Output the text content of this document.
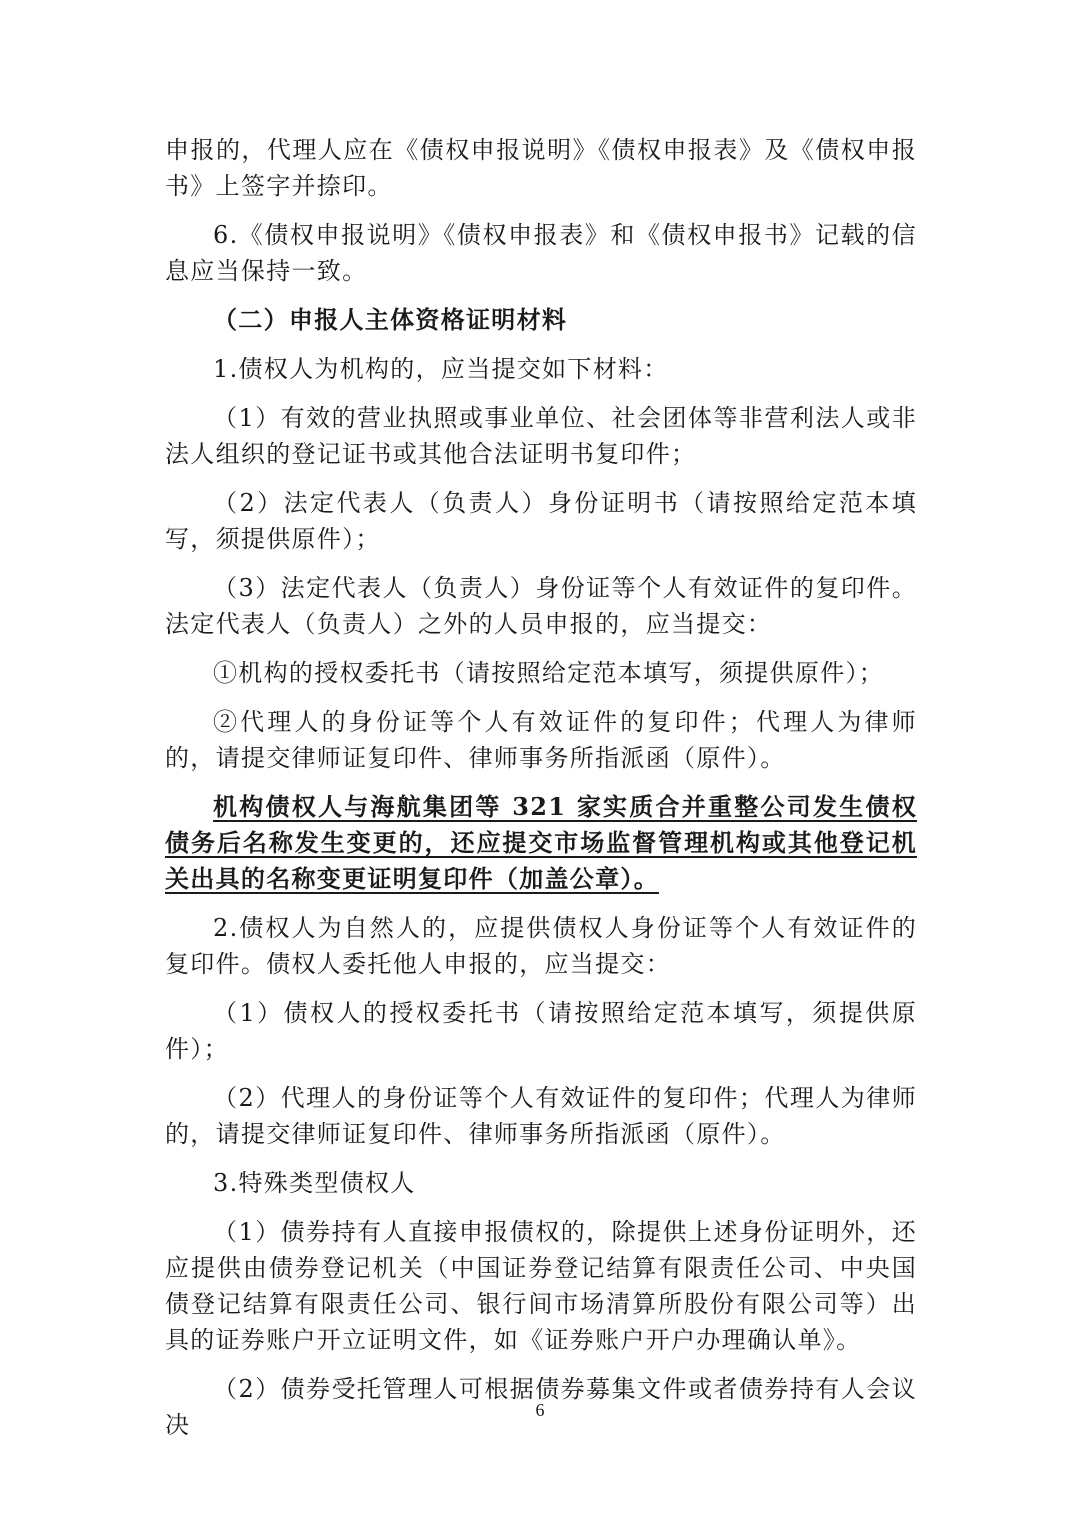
申报的，代理人应在《债权申报说明》《债权申报表》及《债权申报书》上签字并捺印。

6.《债权申报说明》《债权申报表》和《债权申报书》记载的信息应当保持一致。

（二）申报人主体资格证明材料

1.债权人为机构的，应当提交如下材料：

（1）有效的营业执照或事业单位、社会团体等非营利法人或非法人组织的登记证书或其他合法证明书复印件；

（2）法定代表人（负责人）身份证明书（请按照给定范本填写，须提供原件）；

（3）法定代表人（负责人）身份证等个人有效证件的复印件。法定代表人（负责人）之外的人员申报的，应当提交：

①机构的授权委托书（请按照给定范本填写，须提供原件）；

②代理人的身份证等个人有效证件的复印件；代理人为律师的，请提交律师证复印件、律师事务所指派函（原件）。

机构债权人与海航集团等 321 家实质合并重整公司发生债权债务后名称发生变更的，还应提交市场监督管理机构或其他登记机关出具的名称变更证明复印件（加盖公章）。

2.债权人为自然人的，应提供债权人身份证等个人有效证件的复印件。债权人委托他人申报的，应当提交：

（1）债权人的授权委托书（请按照给定范本填写，须提供原件）；

（2）代理人的身份证等个人有效证件的复印件；代理人为律师的，请提交律师证复印件、律师事务所指派函（原件）。

3.特殊类型债权人

（1）债券持有人直接申报债权的，除提供上述身份证明外，还应提供由债券登记机关（中国证券登记结算有限责任公司、中央国债登记结算有限责任公司、银行间市场清算所股份有限公司等）出具的证券账户开立证明文件，如《证券账户开户办理确认单》。

（2）债券受托管理人可根据债券募集文件或者债券持有人会议决

6
